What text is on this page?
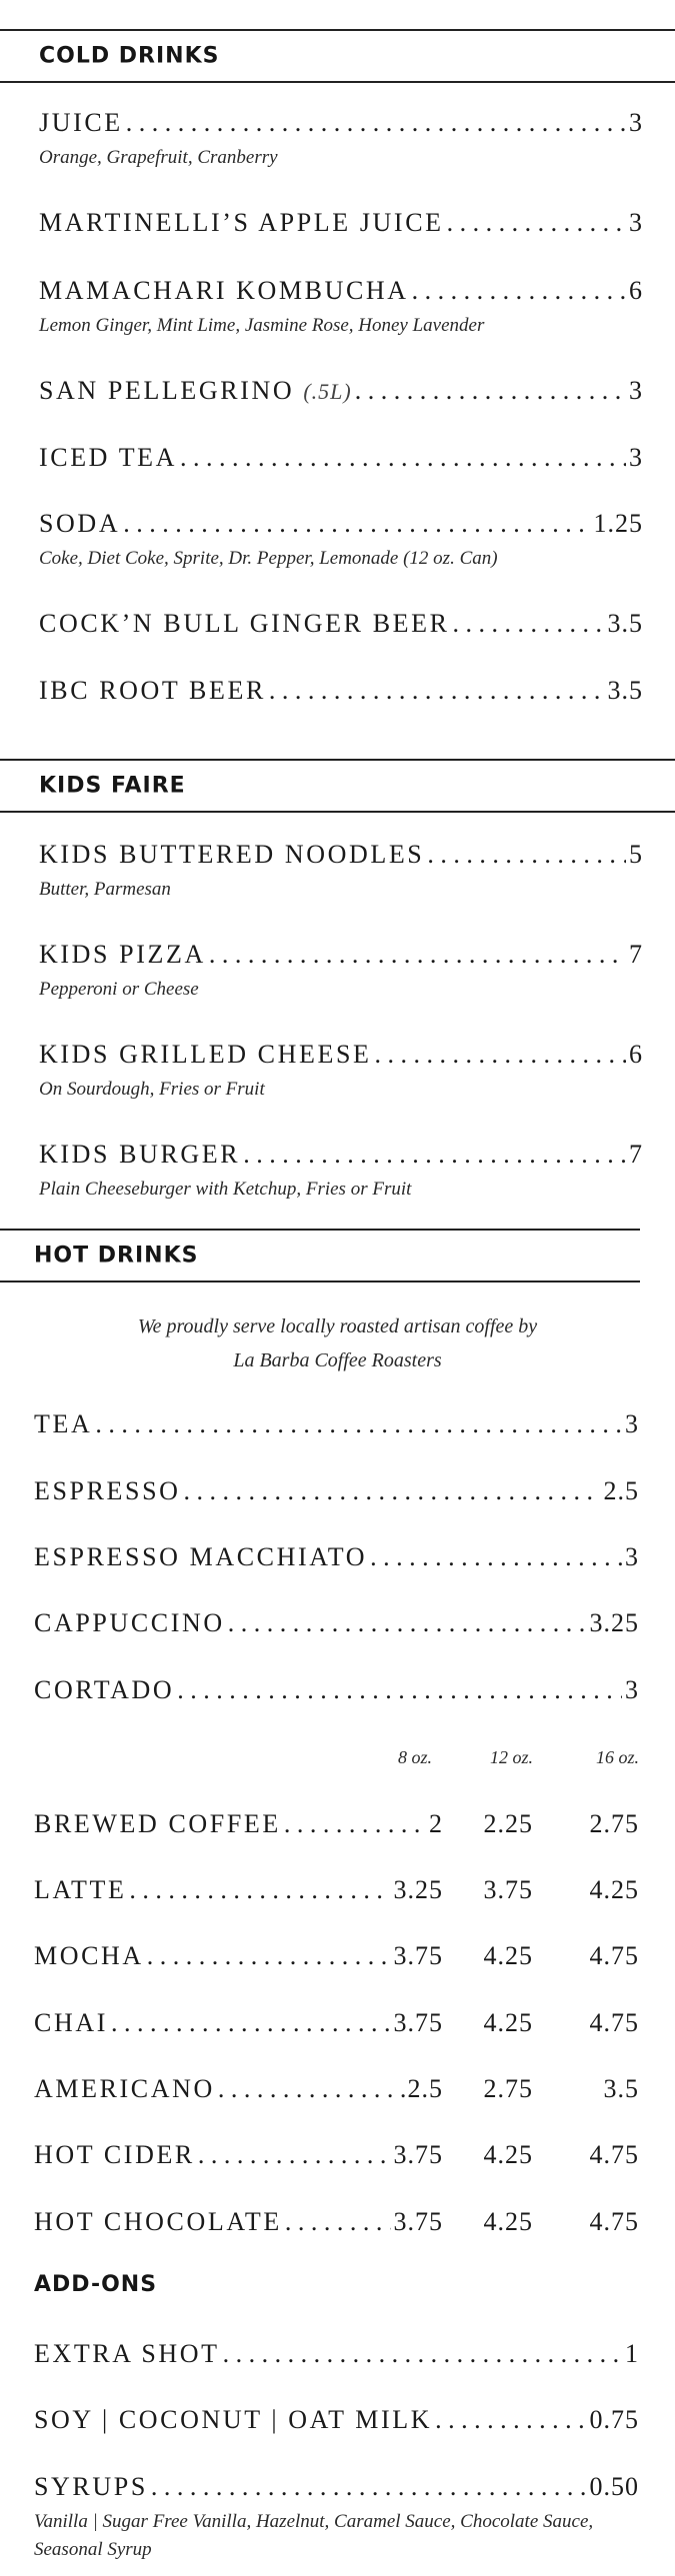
COLD DRINKS
JUICE . . .	3
Orange, Grapefruit, Cranberry
MARTINELLI’S APPLE JUICE . . .	3
MAMACHARI KOMBUCHA . . .	6
Lemon Ginger, Mint Lime, Jasmine Rose, Honey Lavender
SAN PELLEGRINO (.5L) . . .	3
ICED TEA . . .	3
SODA . . .	1.25
Coke, Diet Coke, Sprite, Dr. Pepper, Lemonade (12 oz. Can)
COCK’N BULL GINGER BEER . . .	3.5
IBC ROOT BEER . . .	3.5
KIDS FAIRE
KIDS BUTTERED NOODLES . . .	5
Butter, Parmesan
KIDS PIZZA . . .	7
Pepperoni or Cheese
KIDS GRILLED CHEESE . . .	6
On Sourdough, Fries or Fruit
KIDS BURGER . . .	7
Plain Cheeseburger with Ketchup, Fries or Fruit
HOT DRINKS
We proudly serve locally roasted artisan coffee by
La Barba Coffee Roasters
TEA . . .	3
ESPRESSO . . .	2.5
ESPRESSO MACCHIATO . . .	3
CAPPUCCINO . . .	3.25
CORTADO . . .	3
8 oz.	12 oz.	16 oz.
BREWED COFFEE . . .	2	2.25	2.75
LATTE . . .	3.25	3.75	4.25
MOCHA . . .	3.75	4.25	4.75
CHAI . . .	3.75	4.25	4.75
AMERICANO . . .	2.5	2.75	3.5
HOT CIDER . . .	3.75	4.25	4.75
HOT CHOCOLATE . . .	3.75	4.25	4.75
ADD-ONS
EXTRA SHOT . . .	1
SOY | COCONUT | OAT MILK . . .	0.75
SYRUPS . . .	0.50
Vanilla | Sugar Free Vanilla, Hazelnut, Caramel Sauce, Chocolate Sauce, Seasonal Syrup
